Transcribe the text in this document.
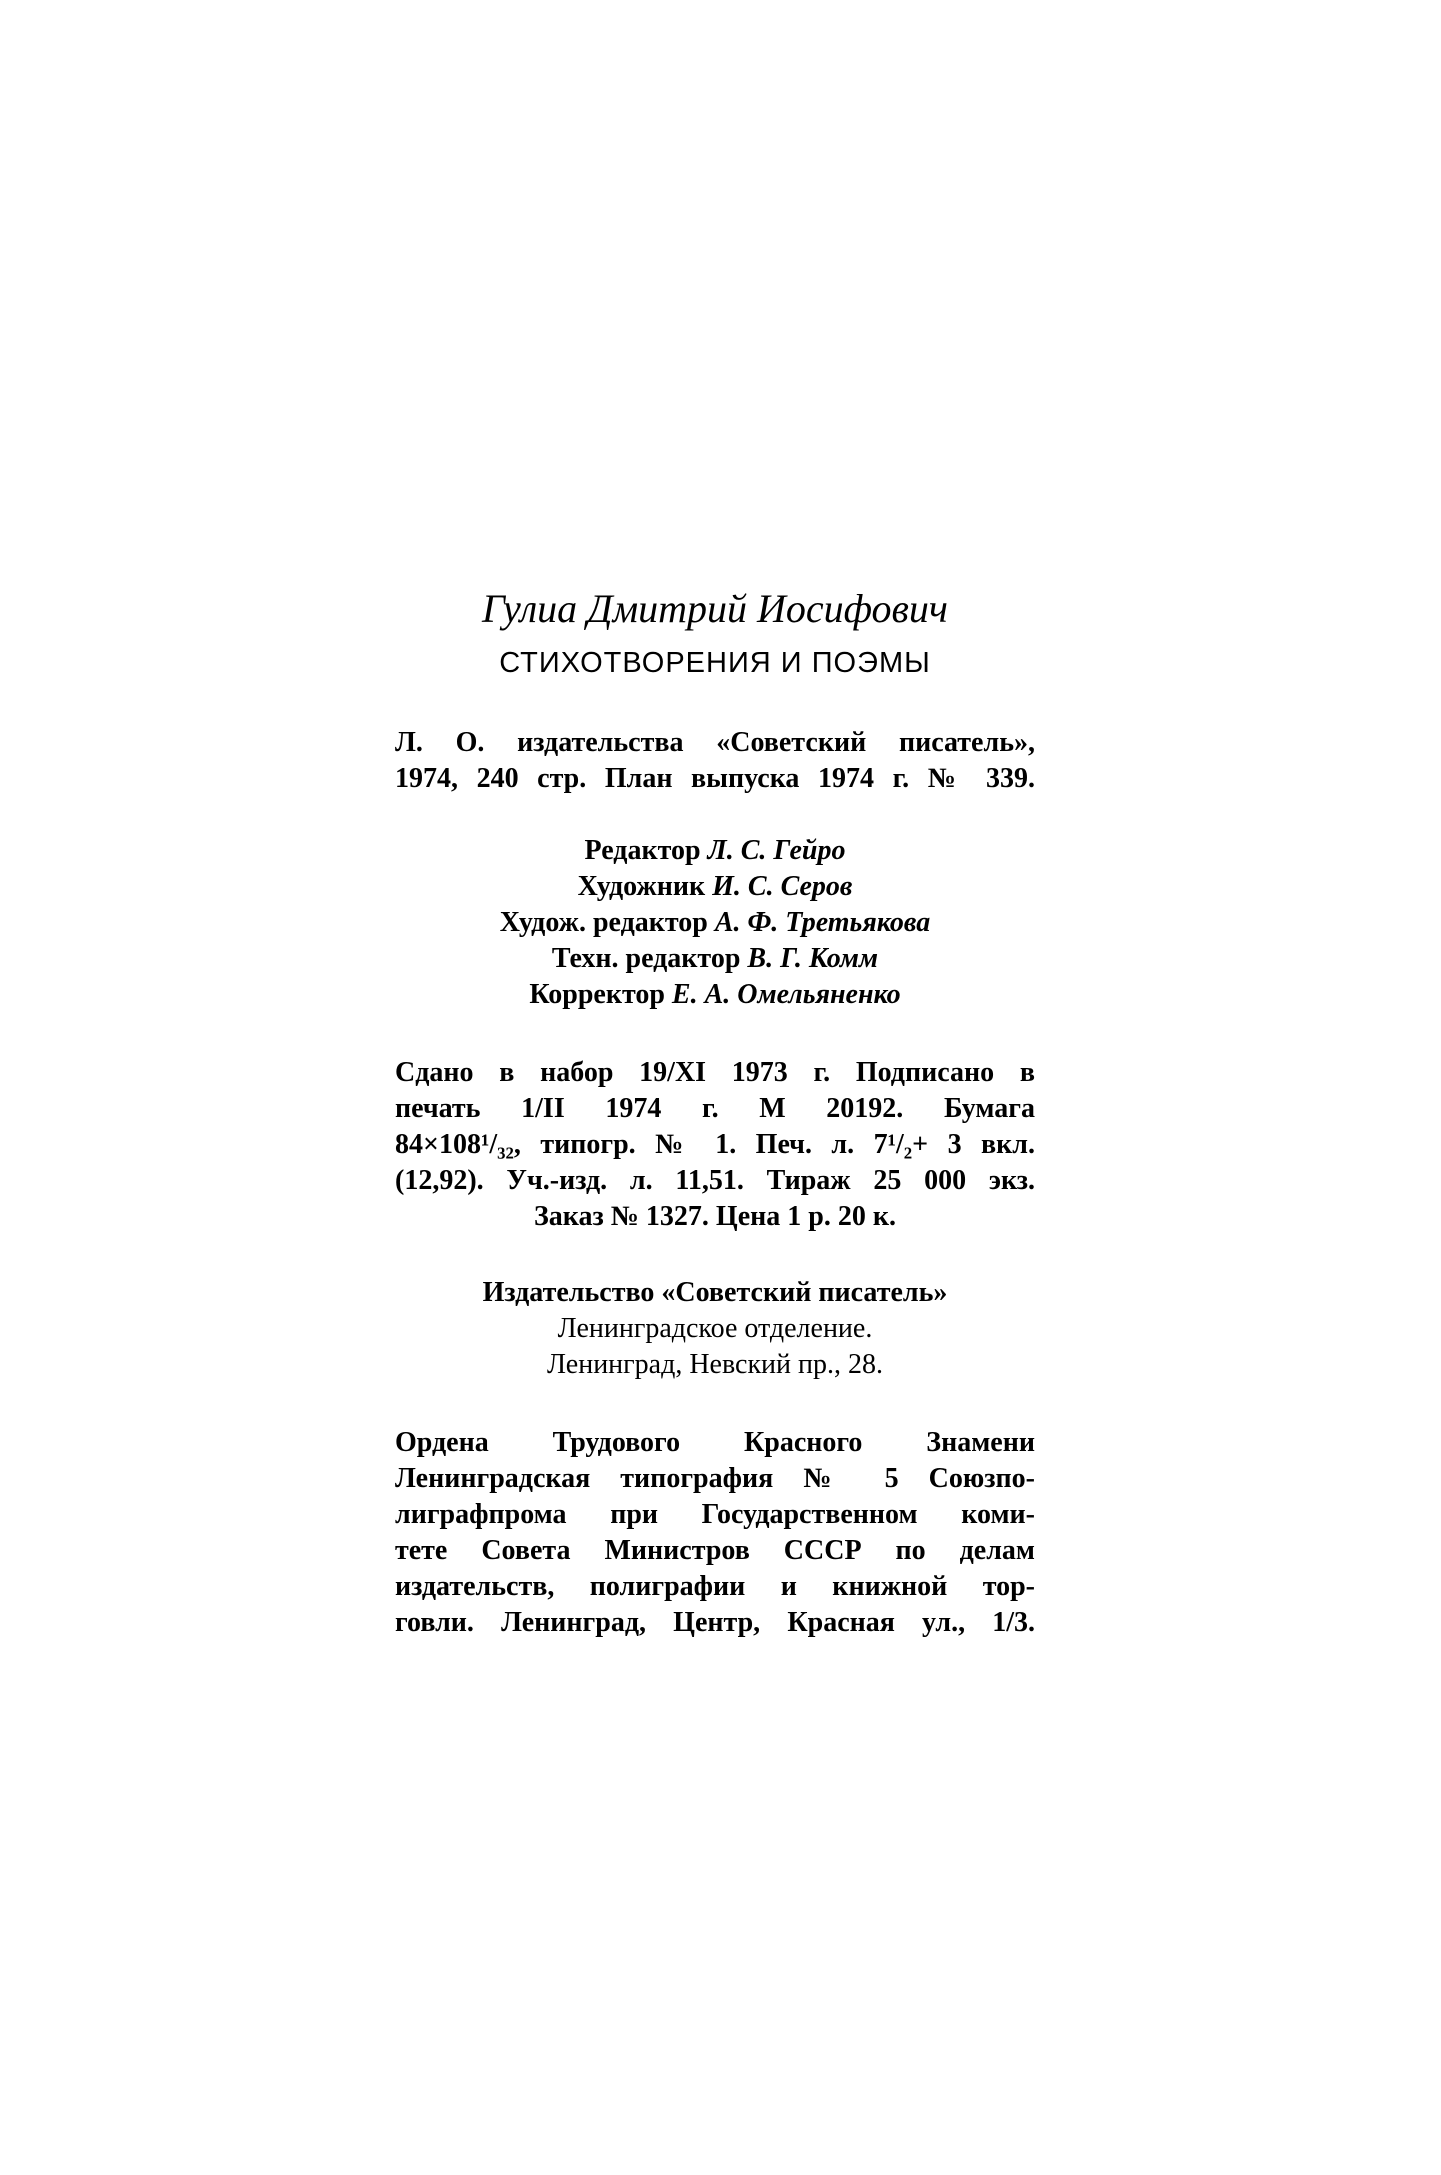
Гулиа Дмитрий Иосифович

СТИХОТВОРЕНИЯ И ПОЭМЫ

Л. О. издательства «Советский писатель»,
1974, 240 стр. План выпуска 1974 г. № 339.
Редактор Л. С. Гейро
Художник И. С. Серов
Худож. редактор А. Ф. Третьякова
Техн. редактор В. Г. Комм
Корректор Е. А. Омельяненко
Сдано в набор 19/XI 1973 г. Подписано в
печать 1/II 1974 г. М 20192. Бумага
84×108¹/₃₂, типогр. № 1. Печ. л. 7¹/₂+ 3 вкл.
(12,92). Уч.-изд. л. 11,51. Тираж 25 000 экз.
Заказ № 1327. Цена 1 р. 20 к.
Издательство «Советский писатель»
Ленинградское отделение.
Ленинград, Невский пр., 28.
Ордена Трудового Красного Знамени
Ленинградская типография № 5 Союзпо-
лиграфпрома при Государственном коми-
тете Совета Министров СССР по делам
издательств, полиграфии и книжной тор-
говли. Ленинград, Центр, Красная ул., 1/3.
